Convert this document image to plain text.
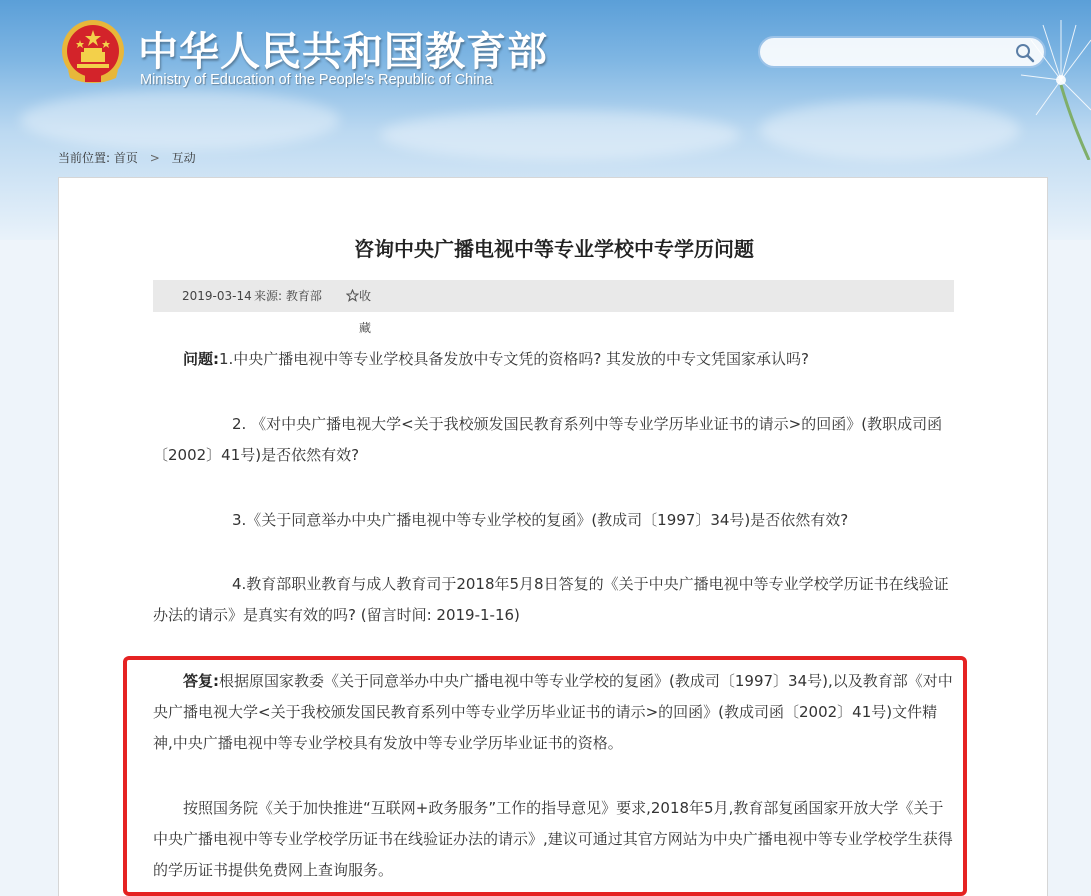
中华人民共和国教育部
Ministry of Education of the People's Republic of China
当前位置: 首页 > 互动
咨询中央广播电视中等专业学校中专学历问题
2019-03-14 来源: 教育部	收藏
问题:1.中央广播电视中等专业学校具备发放中专文凭的资格吗? 其发放的中专文凭国家承认吗?
2. 《对中央广播电视大学<关于我校颁发国民教育系列中等专业学历毕业证书的请示>的回函》(教职成司函〔2002〕41号)是否依然有效?
3.《关于同意举办中央广播电视中等专业学校的复函》(教成司〔1997〕34号)是否依然有效?
4.教育部职业教育与成人教育司于2018年5月8日答复的《关于中央广播电视中等专业学校学历证书在线验证办法的请示》是真实有效的吗? (留言时间: 2019-1-16)
答复:根据原国家教委《关于同意举办中央广播电视中等专业学校的复函》(教成司〔1997〕34号),以及教育部《对中央广播电视大学<关于我校颁发国民教育系列中等专业学历毕业证书的请示>的回函》(教成司函〔2002〕41号)文件精神,中央广播电视中等专业学校具有发放中等专业学历毕业证书的资格。
按照国务院《关于加快推进“互联网+政务服务”工作的指导意见》要求,2018年5月,教育部复函国家开放大学《关于中央广播电视中等专业学校学历证书在线验证办法的请示》,建议可通过其官方网站为中央广播电视中等专业学校学生获得的学历证书提供免费网上查询服务。
